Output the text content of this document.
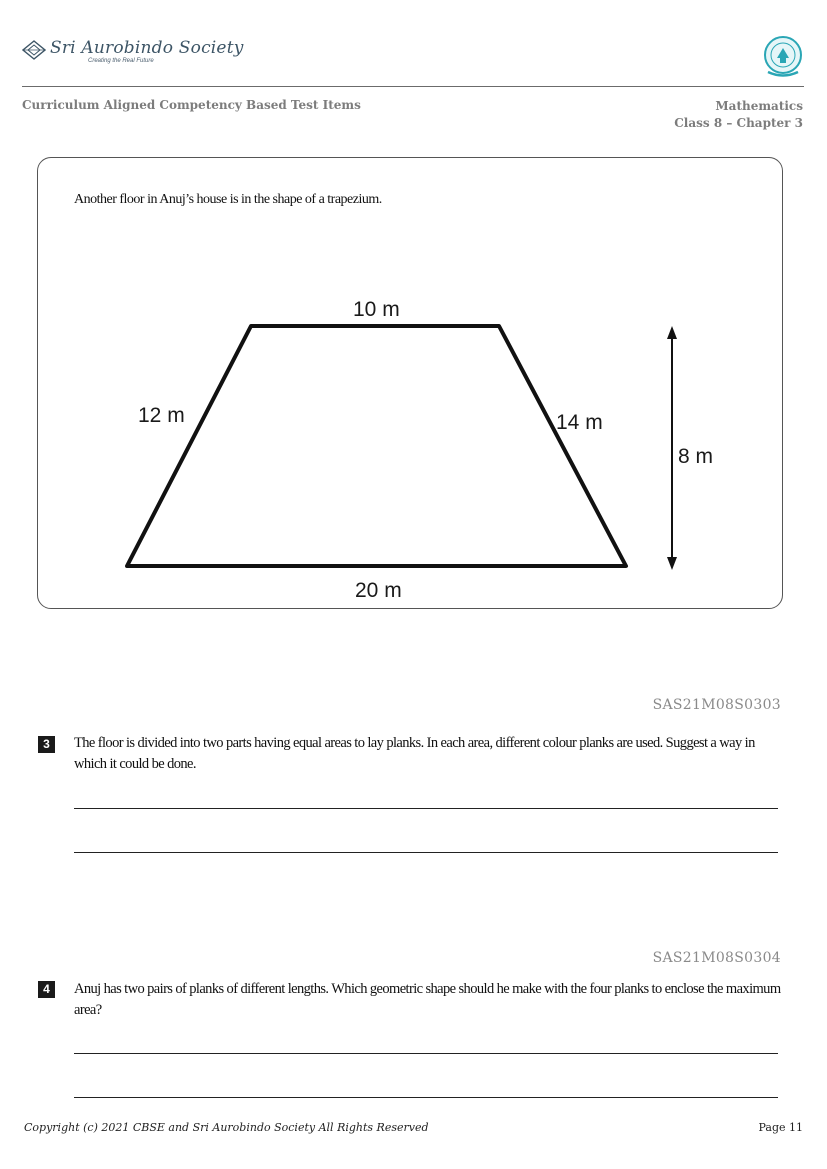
Sri Aurobindo Society
Creating the Real Future
Curriculum Aligned Competency Based Test Items	Mathematics
Class 8 – Chapter 3
Another floor in Anuj’s house is in the shape of a trapezium.
10 m
12 m	14 m
8 m
20 m
SAS21M08S0303
3	The floor is divided into two parts having equal areas to lay planks. In each area, different colour planks are used. Suggest a way in which it could be done.
SAS21M08S0304
4	Anuj has two pairs of planks of different lengths. Which geometric shape should he make with the four planks to enclose the maximum area?
Copyright (c) 2021 CBSE and Sri Aurobindo Society All Rights Reserved	Page 11
